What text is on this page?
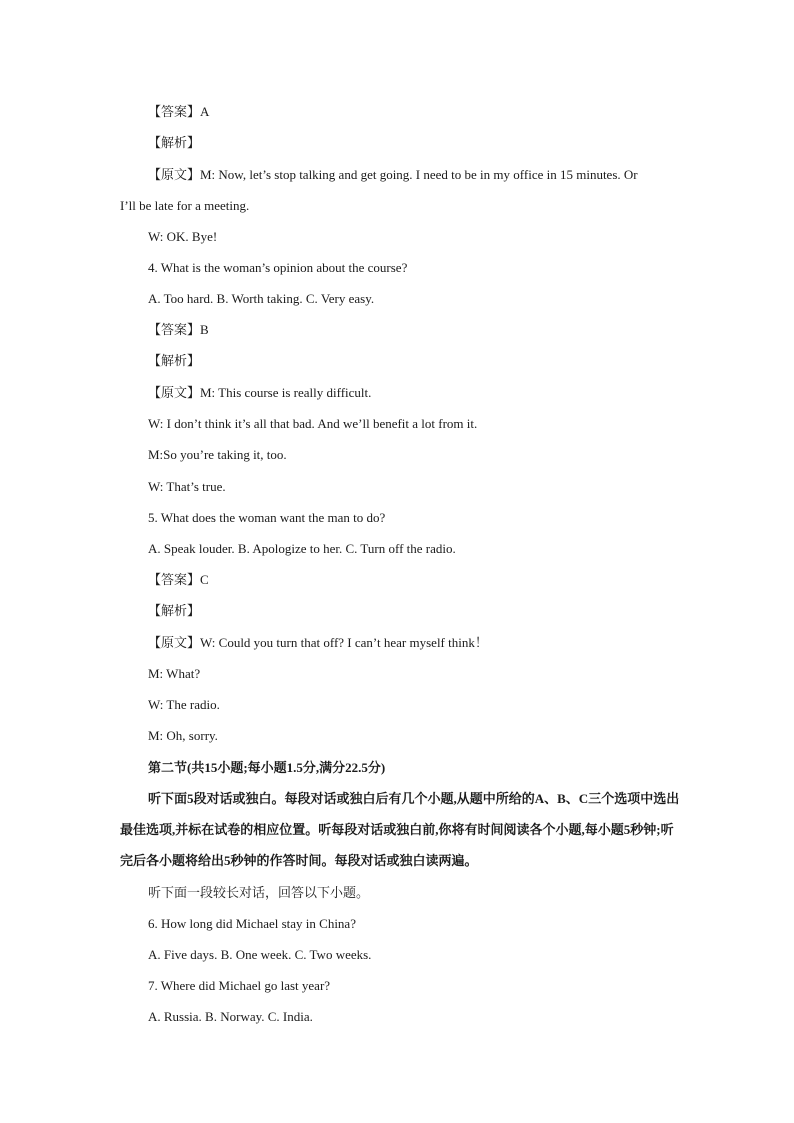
【答案】A
【解析】
【原文】M: Now, let’s stop talking and get going. I need to be in my office in 15 minutes. Or
I’ll be late for a meeting.
W: OK. Bye!
4. What is the woman’s opinion about the course?
A. Too hard. B. Worth taking. C. Very easy.
【答案】B
【解析】
【原文】M: This course is really difficult.
W: I don’t think it’s all that bad. And we’ll benefit a lot from it.
M:So you’re taking it, too.
W: That’s true.
5. What does the woman want the man to do?
A. Speak louder. B. Apologize to her. C. Turn off the radio.
【答案】C
【解析】
【原文】W: Could you turn that off? I can’t hear myself think！
M: What?
W: The radio.
M: Oh, sorry.
第二节(共15小题;每小题1.5分,满分22.5分)
听下面5段对话或独白。每段对话或独白后有几个小题,从题中所给的A、B、C三个选项中选出最佳选项,并标在试卷的相应位置。听每段对话或独白前,你将有时间阅读各个小题,每小题5秒钟;听完后各小题将给出5秒钟的作答时间。每段对话或独白读两遍。
听下面一段较长对话，回答以下小题。
6. How long did Michael stay in China?
A. Five days. B. One week. C. Two weeks.
7. Where did Michael go last year?
A. Russia. B. Norway. C. India.
